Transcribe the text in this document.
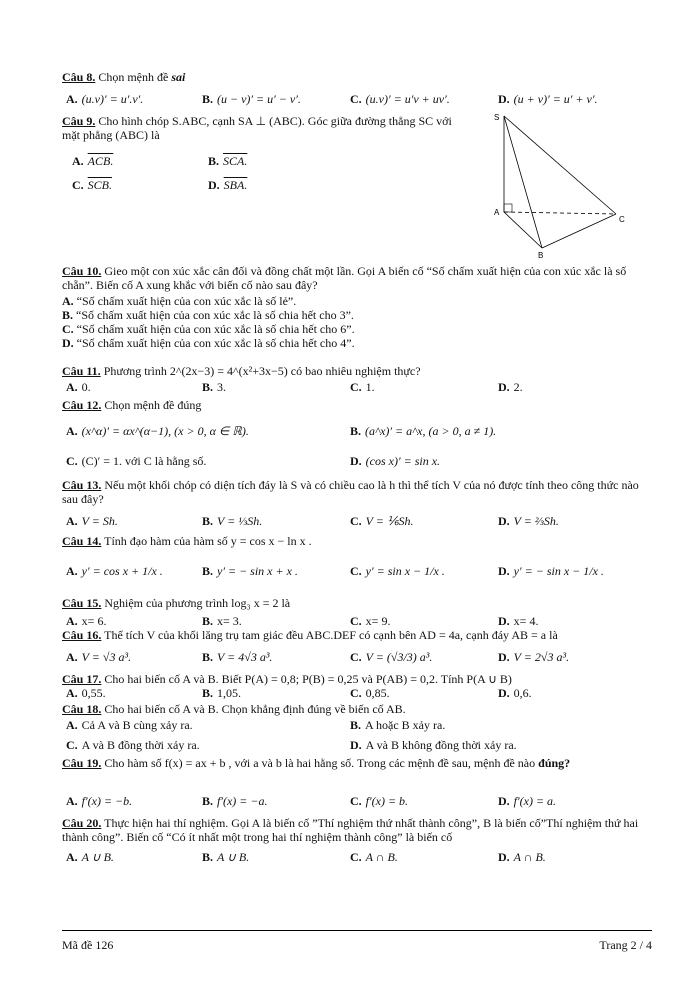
Câu 8. Chọn mệnh đề sai
A. (u.v)′ = u′.v′.	B. (u − v)′ = u′ − v′.	C. (u.v)′ = u′v + uv′.	D. (u + v)′ = u′ + v′.
Câu 9. Cho hình chóp S.ABC, cạnh SA ⊥ (ABC). Góc giữa đường thẳng SC với mặt phẳng (ABC) là
A. ACB.	B. SCA.
C. SCB.	D. SBA.
S
A
B
C
Câu 10. Gieo một con xúc xắc cân đối và đồng chất một lần. Gọi A biến cố “Số chấm xuất hiện của con xúc xắc là số chẵn”. Biến cố A xung khắc với biến cố nào sau đây?
A. “Số chấm xuất hiện của con xúc xắc là số lẻ”.
B. “Số chấm xuất hiện của con xúc xắc là số chia hết cho 3”.
C. “Số chấm xuất hiện của con xúc xắc là số chia hết cho 6”.
D. “Số chấm xuất hiện của con xúc xắc là số chia hết cho 4”.
Câu 11. Phương trình 2^(2x−3) = 4^(x²+3x−5) có bao nhiêu nghiệm thực?
A. 0.	B. 3.	C. 1.	D. 2.
Câu 12. Chọn mệnh đề đúng
A. (x^α)′ = αx^(α−1), (x > 0, α ∈ ℝ).	B. (a^x)′ = a^x, (a > 0, a ≠ 1).
C. (C)′ = 1. với C là hằng số.	D. (cos x)′ = sin x.
Câu 13. Nếu một khối chóp có diện tích đáy là S và có chiều cao là h thì thể tích V của nó được tính theo công thức nào sau đây?
A. V = Sh.	B. V = ⅓Sh.	C. V = ⅙Sh.	D. V = ⅔Sh.
Câu 14. Tính đạo hàm của hàm số y = cos x − ln x .
A. y′ = cos x + 1/x .	B. y′ = − sin x + x .	C. y′ = sin x − 1/x .	D. y′ = − sin x − 1/x .
Câu 15. Nghiệm của phương trình log₃ x = 2 là
A. x= 6.	B. x= 3.	C. x= 9.	D. x= 4.
Câu 16. Thể tích V của khối lăng trụ tam giác đều ABC.DEF có cạnh bên AD = 4a, cạnh đáy AB = a là
A. V = √3 a³.	B. V = 4√3 a³.	C. V = (√3/3) a³.	D. V = 2√3 a³.
Câu 17. Cho hai biến cố A và B. Biết P(A) = 0,8; P(B) = 0,25 và P(AB) = 0,2. Tính P(A ∪ B)
A. 0,55.	B. 1,05.	C. 0,85.	D. 0,6.
Câu 18. Cho hai biến cố A và B. Chọn khẳng định đúng về biến cố AB.
A. Cả A và B cùng xảy ra.	B. A hoặc B xảy ra.
C. A và B đồng thời xảy ra.	D. A và B không đồng thời xảy ra.
Câu 19. Cho hàm số f(x) = ax + b , với a và b là hai hằng số. Trong các mệnh đề sau, mệnh đề nào đúng?
A. f′(x) = −b.	B. f′(x) = −a.	C. f′(x) = b.	D. f′(x) = a.
Câu 20. Thực hiện hai thí nghiệm. Gọi A là biến cố ”Thí nghiệm thứ nhất thành công”, B là biến cố”Thí nghiệm thứ hai thành công”. Biến cố “Có ít nhất một trong hai thí nghiệm thành công” là biến cố
A. A ∪ B.	B. A ∪ B.	C. A ∩ B.	D. A ∩ B.
Mã đề 126	Trang 2 / 4
